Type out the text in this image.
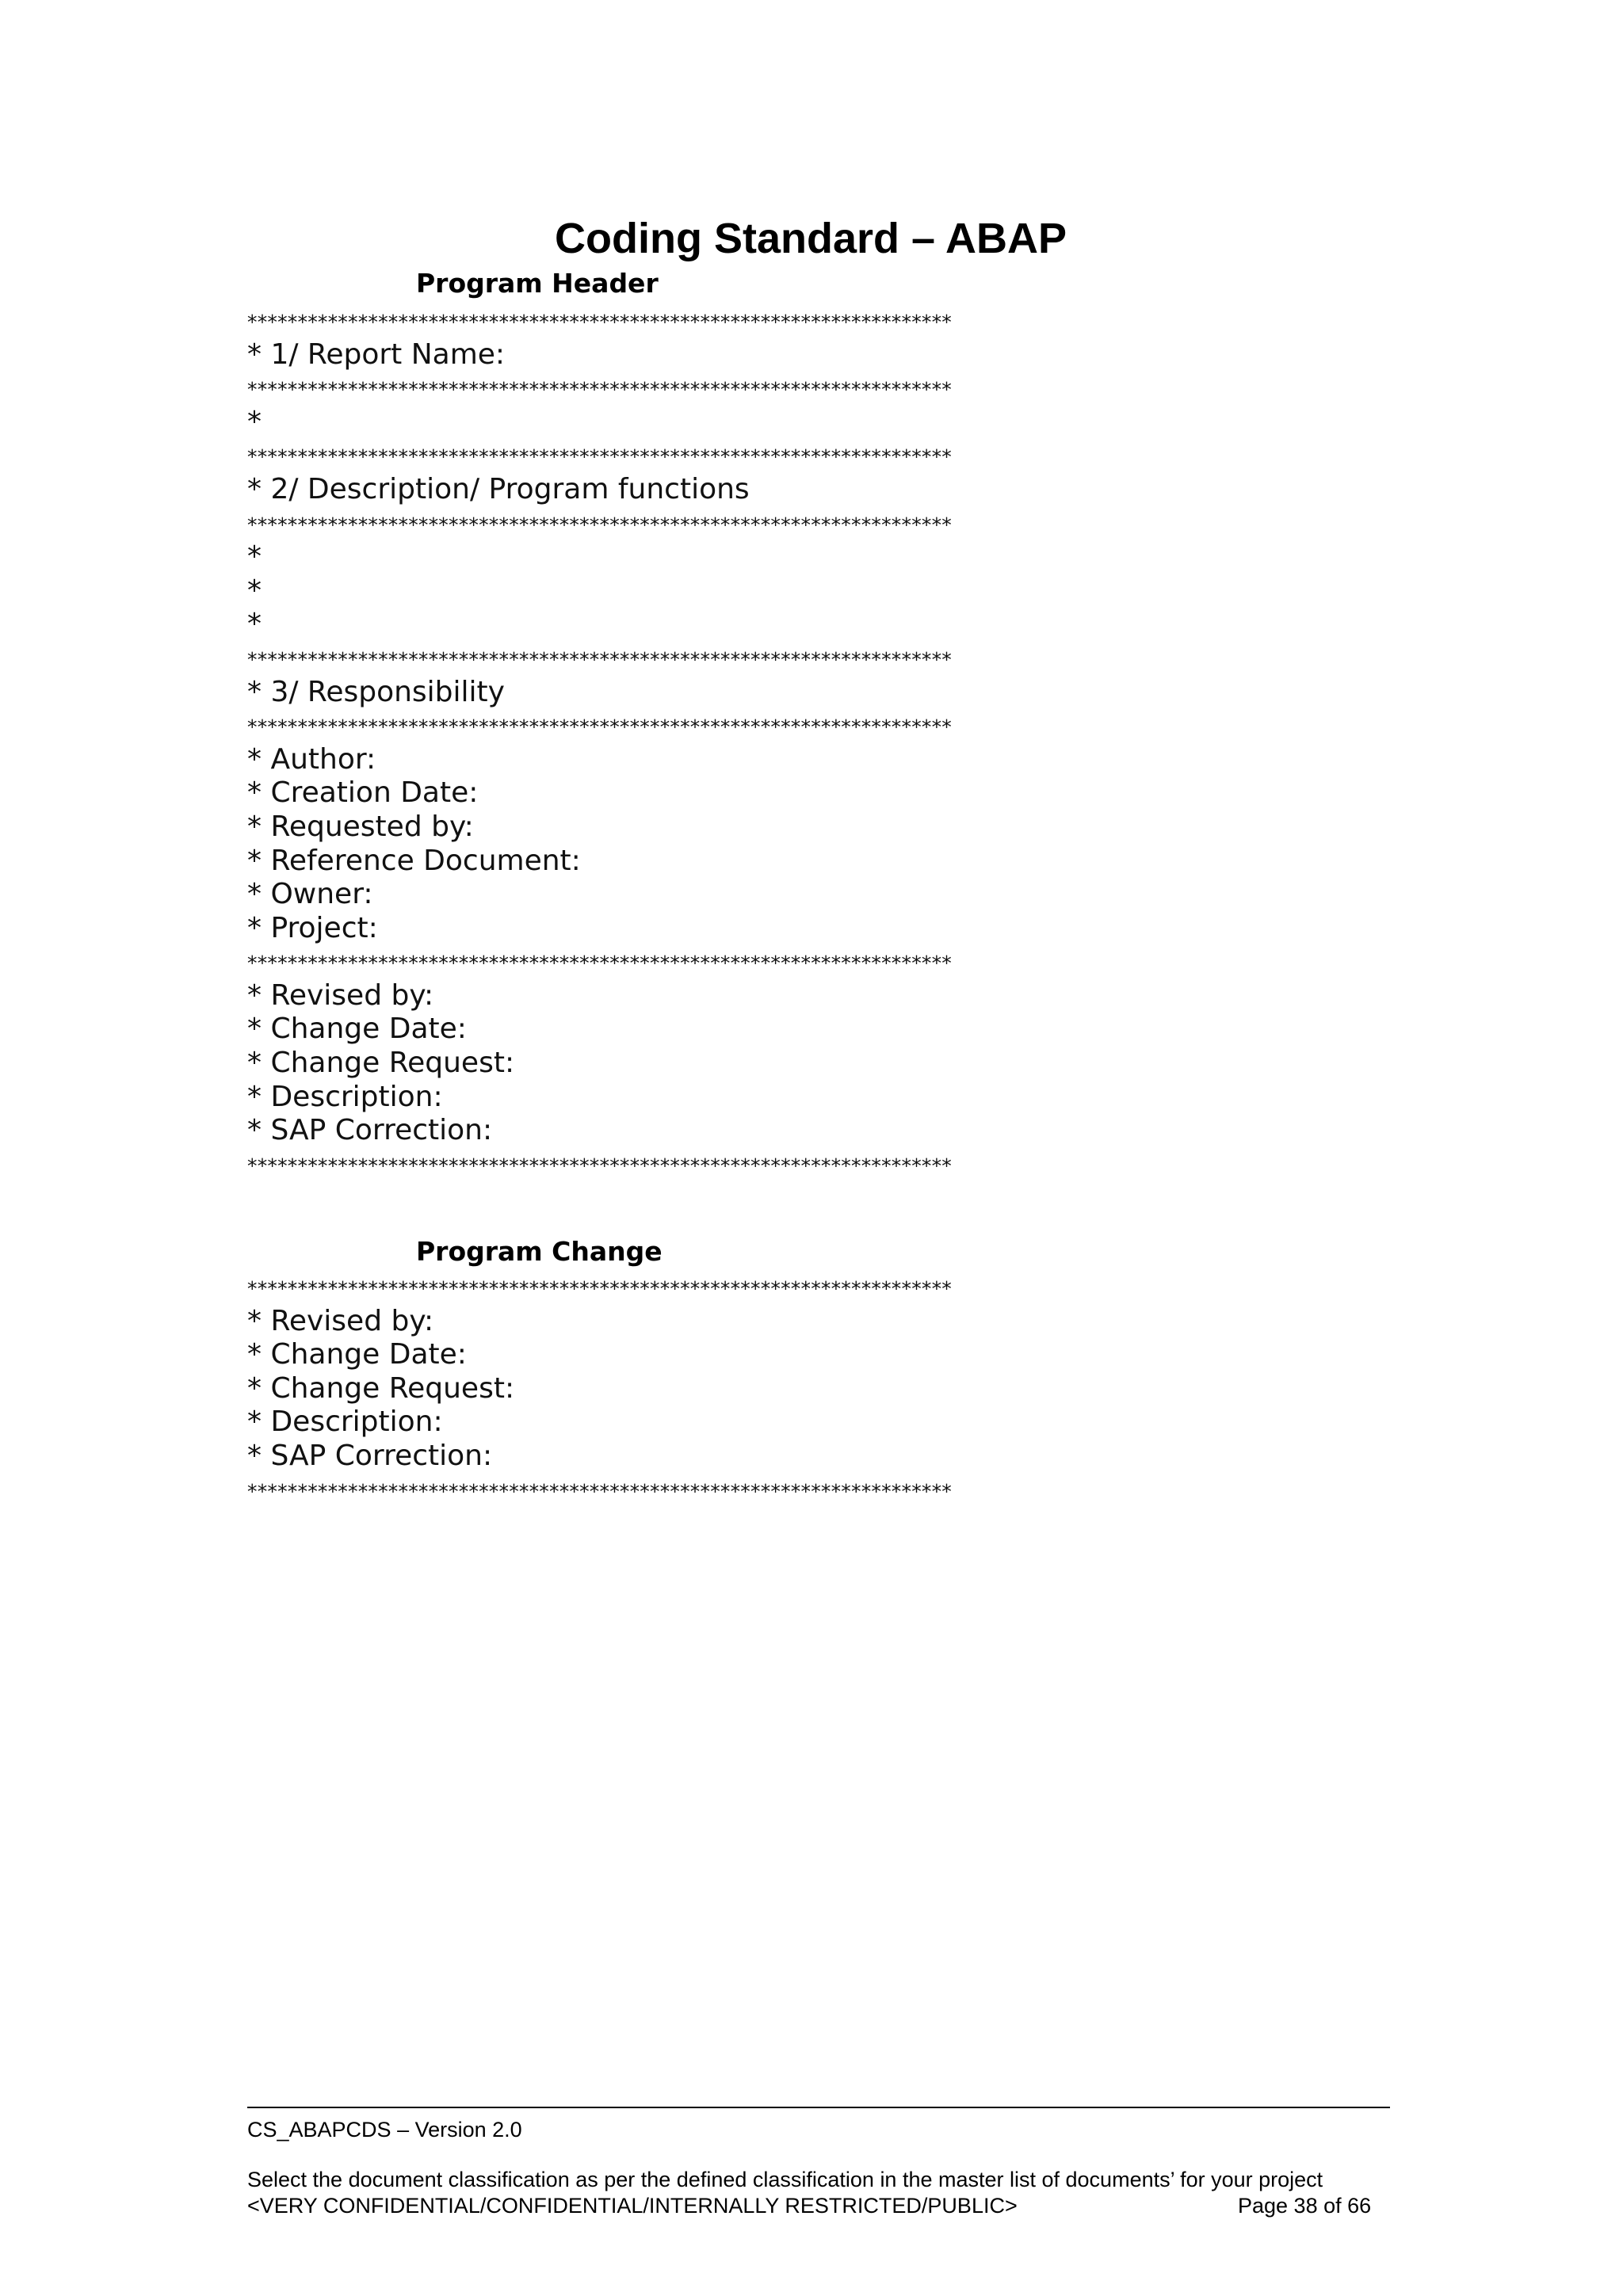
Coding Standard – ABAP
Program Header
**********************************************************************
* 1/ Report Name:
**********************************************************************
*
**********************************************************************
* 2/ Description/ Program functions
**********************************************************************
*
*
*
**********************************************************************
* 3/ Responsibility
**********************************************************************
* Author:
* Creation Date:
* Requested by:
* Reference Document:
* Owner:
* Project:
**********************************************************************
* Revised by:
* Change Date:
* Change Request:
* Description:
* SAP Correction:
**********************************************************************
Program Change
**********************************************************************
* Revised by:
* Change Date:
* Change Request:
* Description:
* SAP Correction:
**********************************************************************
CS_ABAPCDS – Version 2.0
Select the document classification as per the defined classification in the master list of documents’ for your project
<VERY CONFIDENTIAL/CONFIDENTIAL/INTERNALLY RESTRICTED/PUBLIC>	Page 38 of 66
